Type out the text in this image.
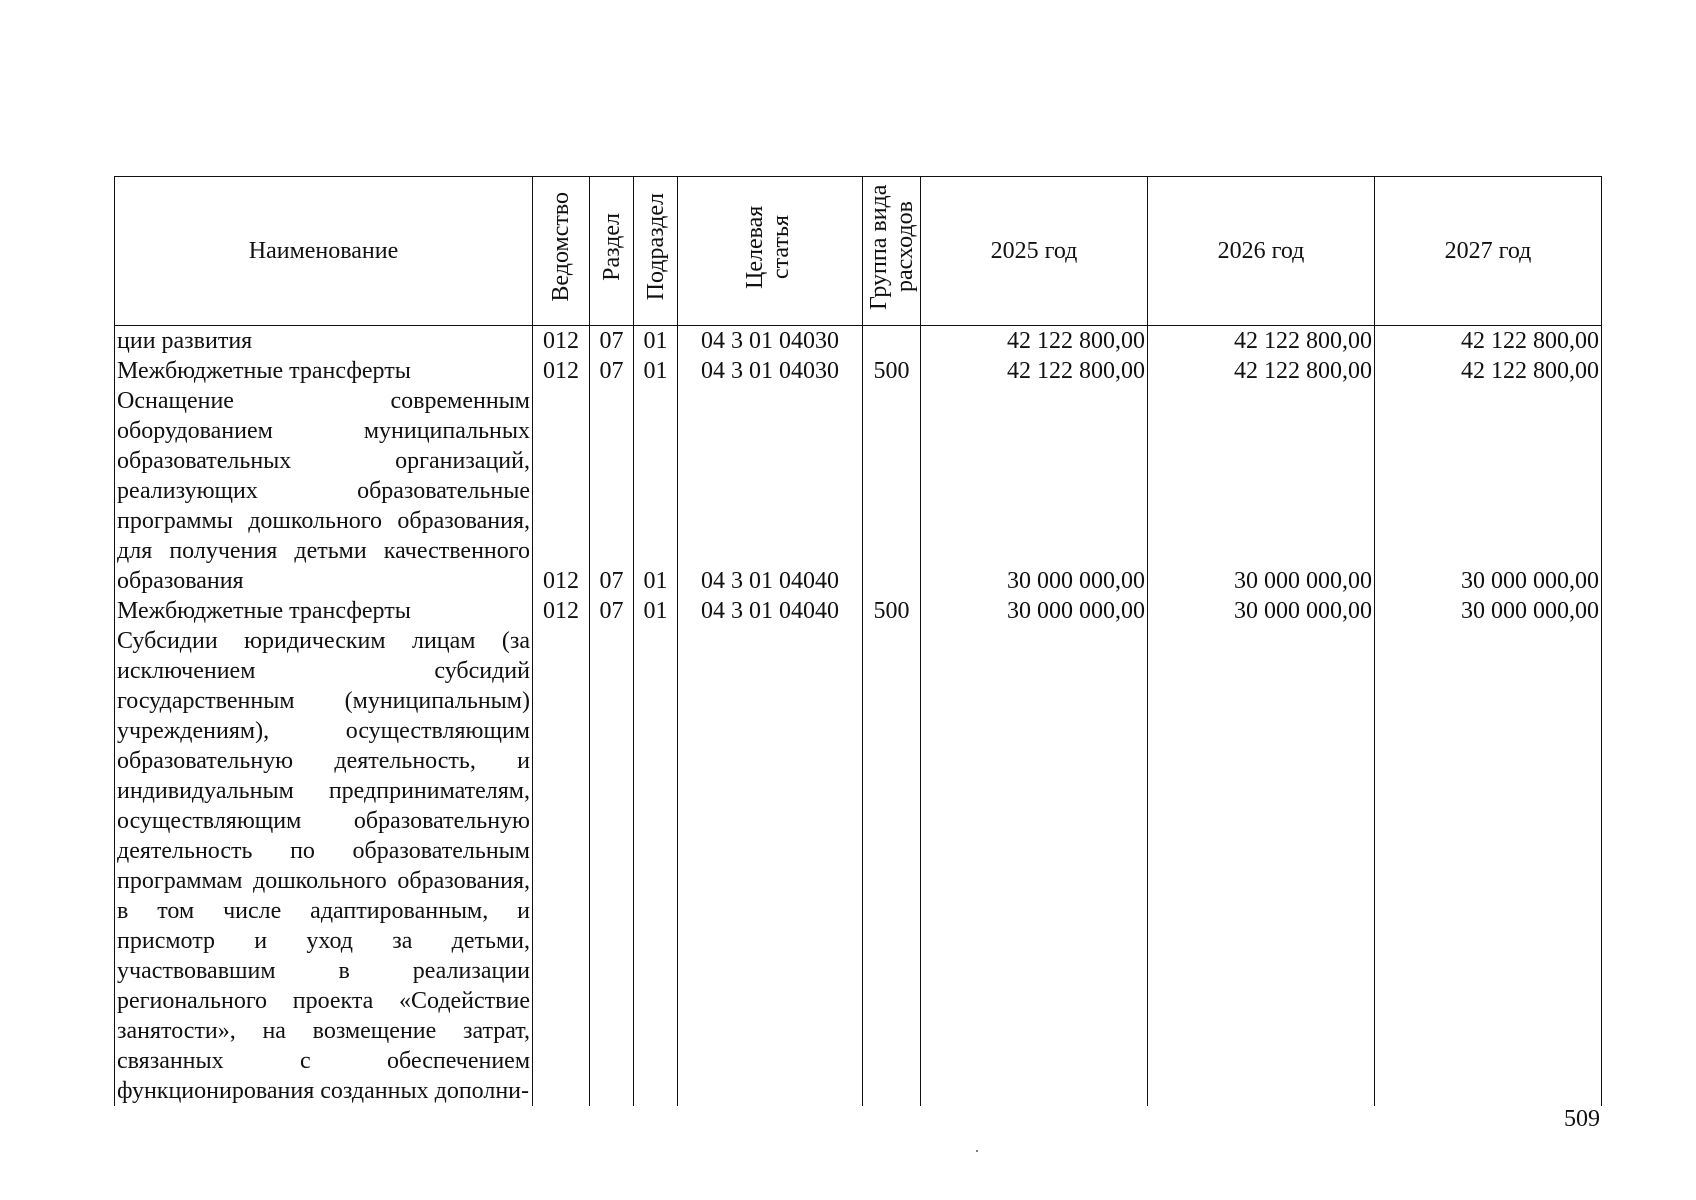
Наименование	Ведомство	Раздел	Подраздел	Целевая статья	Группа вида расходов	2025 год	2026 год	2027 год
ции развития	012	07	01	04 3 01 04030		42 122 800,00	42 122 800,00	42 122 800,00
Межбюджетные трансферты	012	07	01	04 3 01 04030	500	42 122 800,00	42 122 800,00	42 122 800,00
Оснащение современным оборудованием муниципальных образовательных организаций, реализующих образовательные программы дошкольного образования, для получения детьми качественного образования	012	07	01	04 3 01 04040		30 000 000,00	30 000 000,00	30 000 000,00
Межбюджетные трансферты	012	07	01	04 3 01 04040	500	30 000 000,00	30 000 000,00	30 000 000,00
Субсидии юридическим лицам (за исключением субсидий государственным (муниципальным) учреждениям), осуществляющим образовательную деятельность, и индивидуальным предпринимателям, осуществляющим образовательную деятельность по образовательным программам дошкольного образования, в том числе адаптированным, и присмотр и уход за детьми, участвовавшим в реализации регионального проекта «Содействие занятости», на возмещение затрат, связанных с обеспечением функционирования созданных дополни-								
509
